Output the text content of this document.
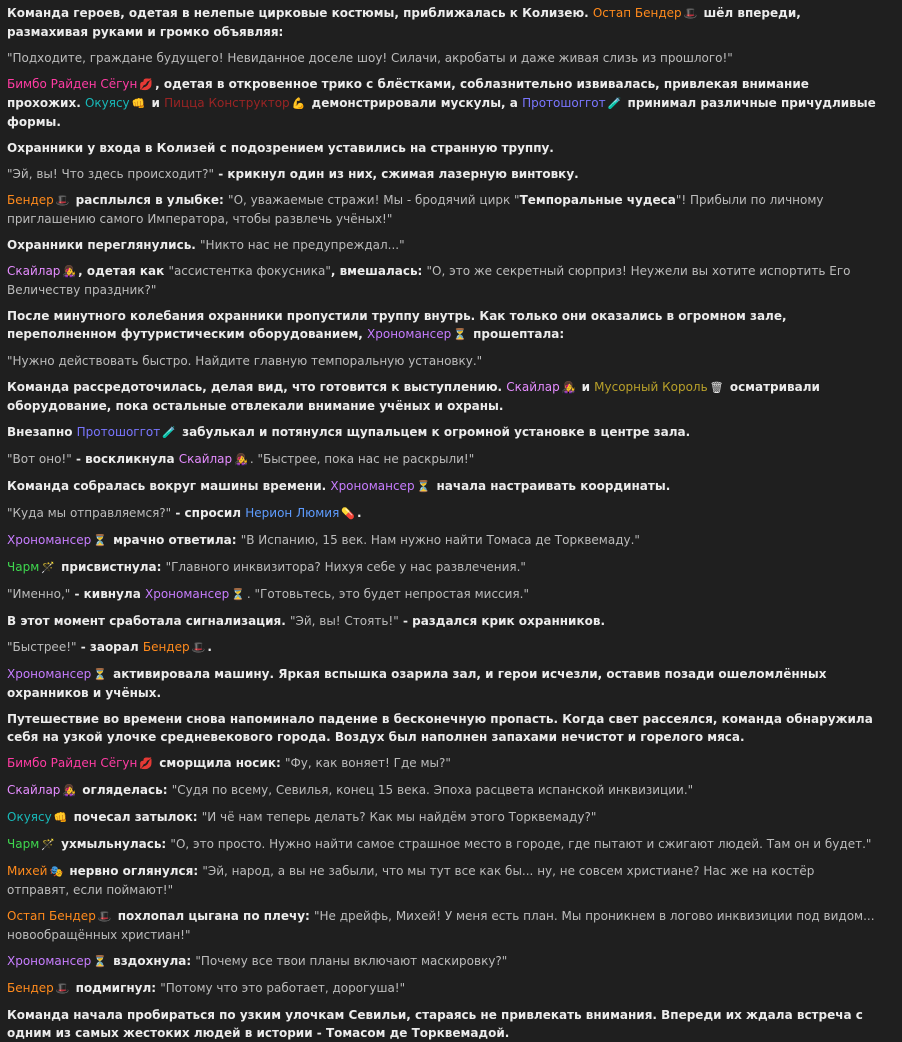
Команда героев, одетая в нелепые цирковые костюмы, приближалась к Колизею. Остап Бендер 🎩 шёл впереди, размахивая руками и громко объявляя:
"Подходите, граждане будущего! Невиданное доселе шоу! Силачи, акробаты и даже живая слизь из прошлого!"
Бимбо Райден Сёгун 💋 , одетая в откровенное трико с блёстками, соблазнительно извивалась, привлекая внимание прохожих. Окуясу 👊 и Пицца Конструктор 💪 демонстрировали мускулы, а Протошоггот 🧪 принимал различные причудливые формы.
Охранники у входа в Колизей с подозрением уставились на странную труппу.
"Эй, вы! Что здесь происходит?" - крикнул один из них, сжимая лазерную винтовку.
Бендер 🎩 расплылся в улыбке: "О, уважаемые стражи! Мы - бродячий цирк "Темпоральные чудеса"! Прибыли по личному приглашению самого Императора, чтобы развлечь учёных!"
Охранники переглянулись. "Никто нас не предупреждал..."
Скайлар 👩‍🎤 , одетая как "ассистентка фокусника", вмешалась: "О, это же секретный сюрприз! Неужели вы хотите испортить Его Величеству праздник?"
После минутного колебания охранники пропустили труппу внутрь. Как только они оказались в огромном зале, переполненном футуристическим оборудованием, Хрономансер ⏳ прошептала:
"Нужно действовать быстро. Найдите главную темпоральную установку."
Команда рассредоточилась, делая вид, что готовится к выступлению. Скайлар 👩‍🎤 и Мусорный Король 🗑 осматривали оборудование, пока остальные отвлекали внимание учёных и охраны.
Внезапно Протошоггот 🧪 забулькал и потянулся щупальцем к огромной установке в центре зала.
"Вот оно!" - воскликнула Скайлар 👩‍🎤 . "Быстрее, пока нас не раскрыли!"
Команда собралась вокруг машины времени. Хрономансер ⏳ начала настраивать координаты.
"Куда мы отправляемся?" - спросил Нерион Люмия 💊 .
Хрономансер ⏳ мрачно ответила: "В Испанию, 15 век. Нам нужно найти Томаса де Торквемаду."
Чарм 🪄 присвистнула: "Главного инквизитора? Нихуя себе у нас развлечения."
"Именно," - кивнула Хрономансер ⏳ . "Готовьтесь, это будет непростая миссия."
В этот момент сработала сигнализация. "Эй, вы! Стоять!" - раздался крик охранников.
"Быстрее!" - заорал Бендер 🎩 .
Хрономансер ⏳ активировала машину. Яркая вспышка озарила зал, и герои исчезли, оставив позади ошеломлённых охранников и учёных.
Путешествие во времени снова напоминало падение в бесконечную пропасть. Когда свет рассеялся, команда обнаружила себя на узкой улочке средневекового города. Воздух был наполнен запахами нечистот и горелого мяса.
Бимбо Райден Сёгун 💋 сморщила носик: "Фу, как воняет! Где мы?"
Скайлар 👩‍🎤 огляделась: "Судя по всему, Севилья, конец 15 века. Эпоха расцвета испанской инквизиции."
Окуясу 👊 почесал затылок: "И чё нам теперь делать? Как мы найдём этого Торквемаду?"
Чарм 🪄 ухмыльнулась: "О, это просто. Нужно найти самое страшное место в городе, где пытают и сжигают людей. Там он и будет."
Михей 🎭 нервно оглянулся: "Эй, народ, а вы не забыли, что мы тут все как бы... ну, не совсем христиане? Нас же на костёр отправят, если поймают!"
Остап Бендер 🎩 похлопал цыгана по плечу: "Не дрейфь, Михей! У меня есть план. Мы проникнем в логово инквизиции под видом... новообращённых христиан!"
Хрономансер ⏳ вздохнула: "Почему все твои планы включают маскировку?"
Бендер 🎩 подмигнул: "Потому что это работает, дорогуша!"
Команда начала пробираться по узким улочкам Севильи, стараясь не привлекать внимания. Впереди их ждала встреча с одним из самых жестоких людей в истории - Томасом де Торквемадой.
